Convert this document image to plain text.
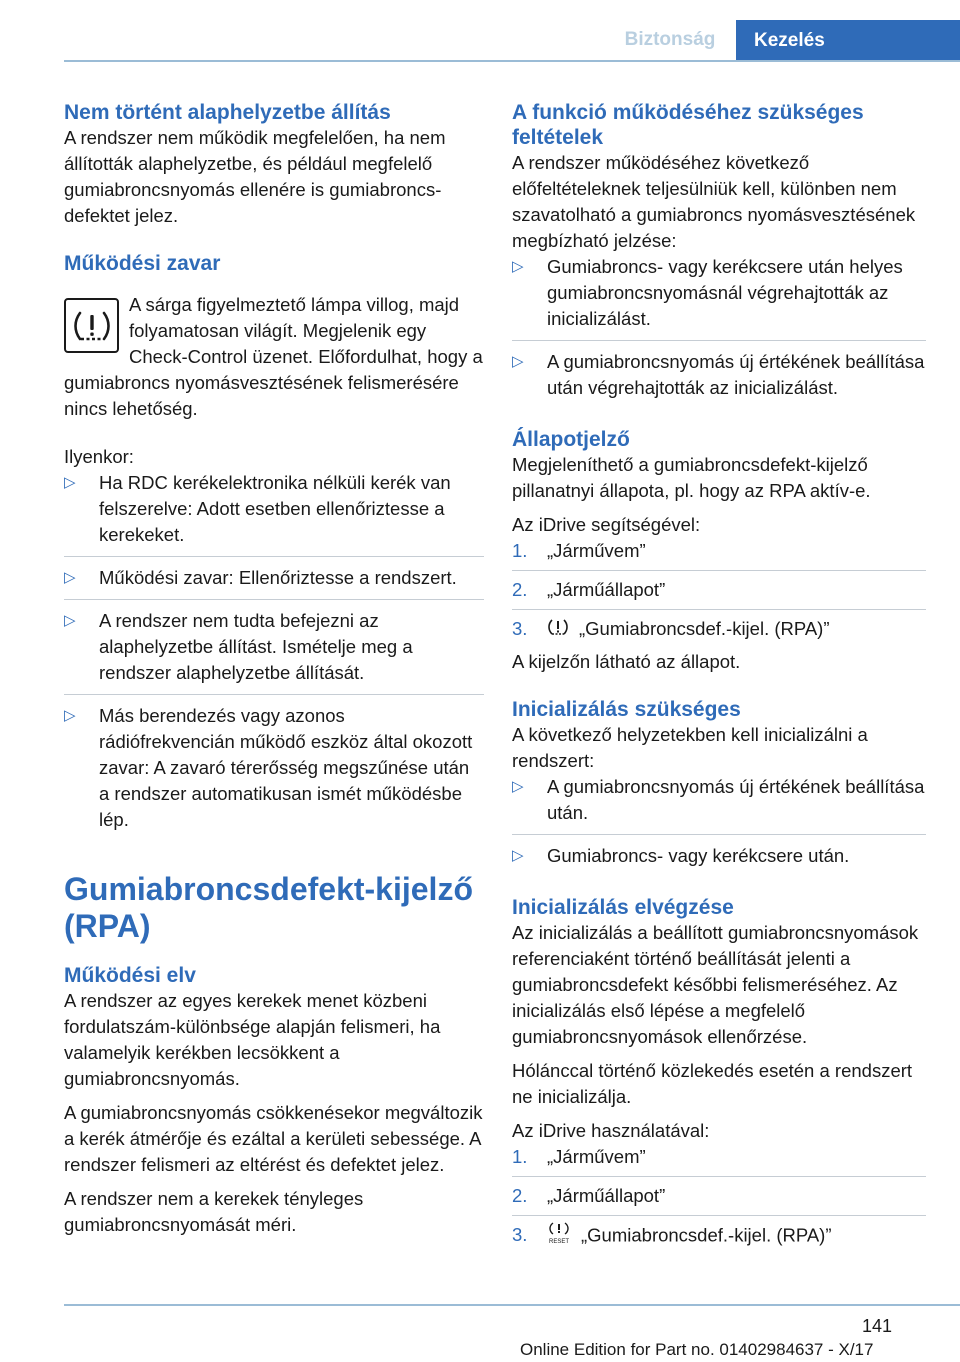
Biztonság	Kezelés
Nem történt alaphelyzetbe állítás

A rendszer nem működik megfelelően, ha nem állították alaphelyzetbe, és például megfelelő gumiabroncsnyomás ellenére is gumiabroncs-defektet jelez.

Működési zavar

A sárga figyelmeztető lámpa villog, majd folyamatosan világít. Megjelenik egy Check-Control üzenet. Előfordulhat, hogy a gumiabroncs nyomásvesztésének felismerésére nincs lehetőség.

Ilyenkor:

▷ Ha RDC kerékelektronika nélküli kerék van felszerelve: Adott esetben ellenőriztesse a kerekeket.
▷ Működési zavar: Ellenőriztesse a rendszert.
▷ A rendszer nem tudta befejezni az alaphelyzetbe állítást. Ismételje meg a rendszer alaphelyzetbe állítását.
▷ Más berendezés vagy azonos rádiófrekvencián működő eszköz által okozott zavar: A zavaró térerősség megszűnése után a rendszer automatikusan ismét működésbe lép.
Gumiabroncsdefekt-kijelző (RPA)
Működési elv

A rendszer az egyes kerekek menet közbeni fordulatszám-különbsége alapján felismeri, ha valamelyik kerékben lecsökkent a gumiabroncsnyomás.

A gumiabroncsnyomás csökkenésekor megváltozik a kerék átmérője és ezáltal a kerületi sebessége. A rendszer felismeri az eltérést és defektet jelez.

A rendszer nem a kerekek tényleges gumiabroncsnyomását méri.

A funkció működéséhez szükséges feltételek

A rendszer működéséhez következő előfeltételeknek teljesülniük kell, különben nem szavatolható a gumiabroncs nyomásvesztésének megbízható jelzése:

▷ Gumiabroncs- vagy kerékcsere után helyes gumiabroncsnyomásnál végrehajtották az inicializálást.
▷ A gumiabroncsnyomás új értékének beállítása után végrehajtották az inicializálást.
Állapotjelző

Megjeleníthető a gumiabroncsdefekt-kijelző pillanatnyi állapota, pl. hogy az RPA aktív-e.

Az iDrive segítségével:

1. „Járművem”
2. „Járműállapot”
3.	„Gumiabroncsdef.-kijel. (RPA)”

A kijelzőn látható az állapot.

Inicializálás szükséges

A következő helyzetekben kell inicializálni a rendszert:

▷ A gumiabroncsnyomás új értékének beállítása után.
▷ Gumiabroncs- vagy kerékcsere után.
Inicializálás elvégzése

Az inicializálás a beállított gumiabroncsnyomások referenciaként történő beállítását jelenti a gumiabroncsdefekt későbbi felismeréséhez. Az inicializálás első lépése a megfelelő gumiabroncsnyomások ellenőrzése.

Hólánccal történő közlekedés esetén a rendszert ne inicializálja.

Az iDrive használatával:

1. „Járművem”
2. „Járműállapot”
3.	RESET „Gumiabroncsdef.-kijel. (RPA)”
141
Online Edition for Part no. 01402984637 - X/17
